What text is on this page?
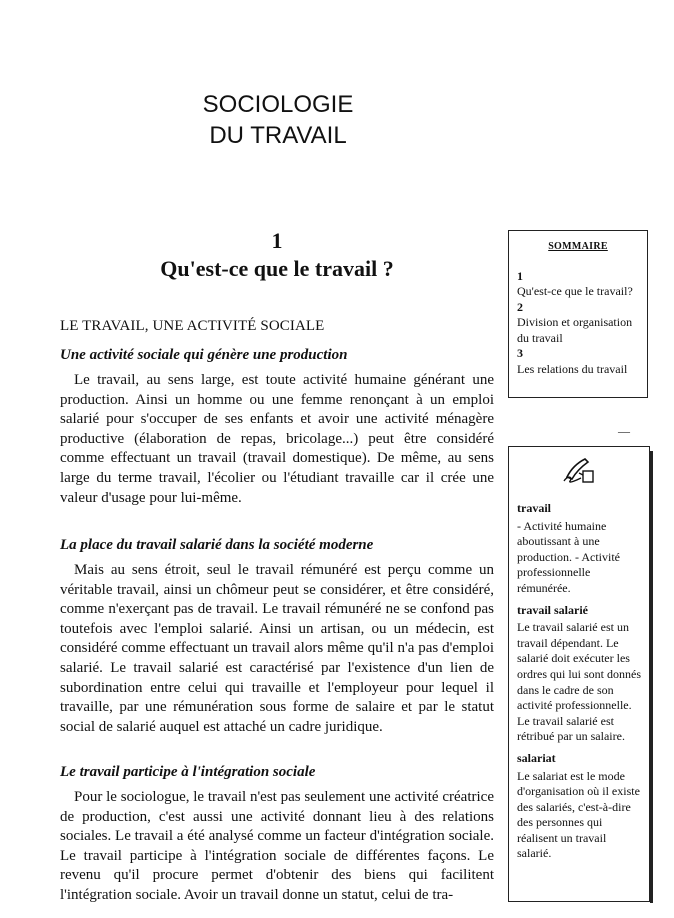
SOCIOLOGIE
DU TRAVAIL
1
Qu'est-ce que le travail ?
LE TRAVAIL, UNE ACTIVITÉ SOCIALE
Une activité sociale qui génère une production

Le travail, au sens large, est toute activité humaine générant une production. Ainsi un homme ou une femme renonçant à un emploi salarié pour s'occuper de ses enfants et avoir une activité ménagère productive (élaboration de repas, bricolage...) peut être considéré comme effectuant un travail (travail domestique). De même, au sens large du terme travail, l'écolier ou l'étudiant travaille car il crée une valeur d'usage pour lui-même.

La place du travail salarié dans la société moderne

Mais au sens étroit, seul le travail rémunéré est perçu comme un véritable travail, ainsi un chômeur peut se considérer, et être considéré, comme n'exerçant pas de travail. Le travail rémunéré ne se confond pas toutefois avec l'emploi salarié. Ainsi un artisan, ou un médecin, est considéré comme effectuant un travail alors même qu'il n'a pas d'emploi salarié. Le travail salarié est caractérisé par l'existence d'un lien de subordination entre celui qui travaille et l'employeur pour lequel il travaille, par une rémunération sous forme de salaire et par le statut social de salarié auquel est attaché un cadre juridique.

Le travail participe à l'intégration sociale

Pour le sociologue, le travail n'est pas seulement une activité créatrice de production, c'est aussi une activité donnant lieu à des relations sociales. Le travail a été analysé comme un facteur d'intégration sociale. Le travail participe à l'intégration sociale de différentes façons. Le revenu qu'il procure permet d'obtenir des biens qui facilitent l'intégration sociale. Avoir un travail donne un statut, celui de tra-

SOMMAIRE
1
Qu'est-ce que le travail?
2
Division et organisation du travail
3
Les relations du travail
—
travail
- Activité humaine aboutissant à une production. - Activité professionnelle rémunérée.
travail salarié
Le travail salarié est un travail dépendant. Le salarié doit exécuter les ordres qui lui sont donnés dans le cadre de son activité professionnelle. Le travail salarié est rétribué par un salaire.
salariat
Le salariat est le mode d'organisation où il existe des salariés, c'est-à-dire des personnes qui réalisent un travail salarié.
